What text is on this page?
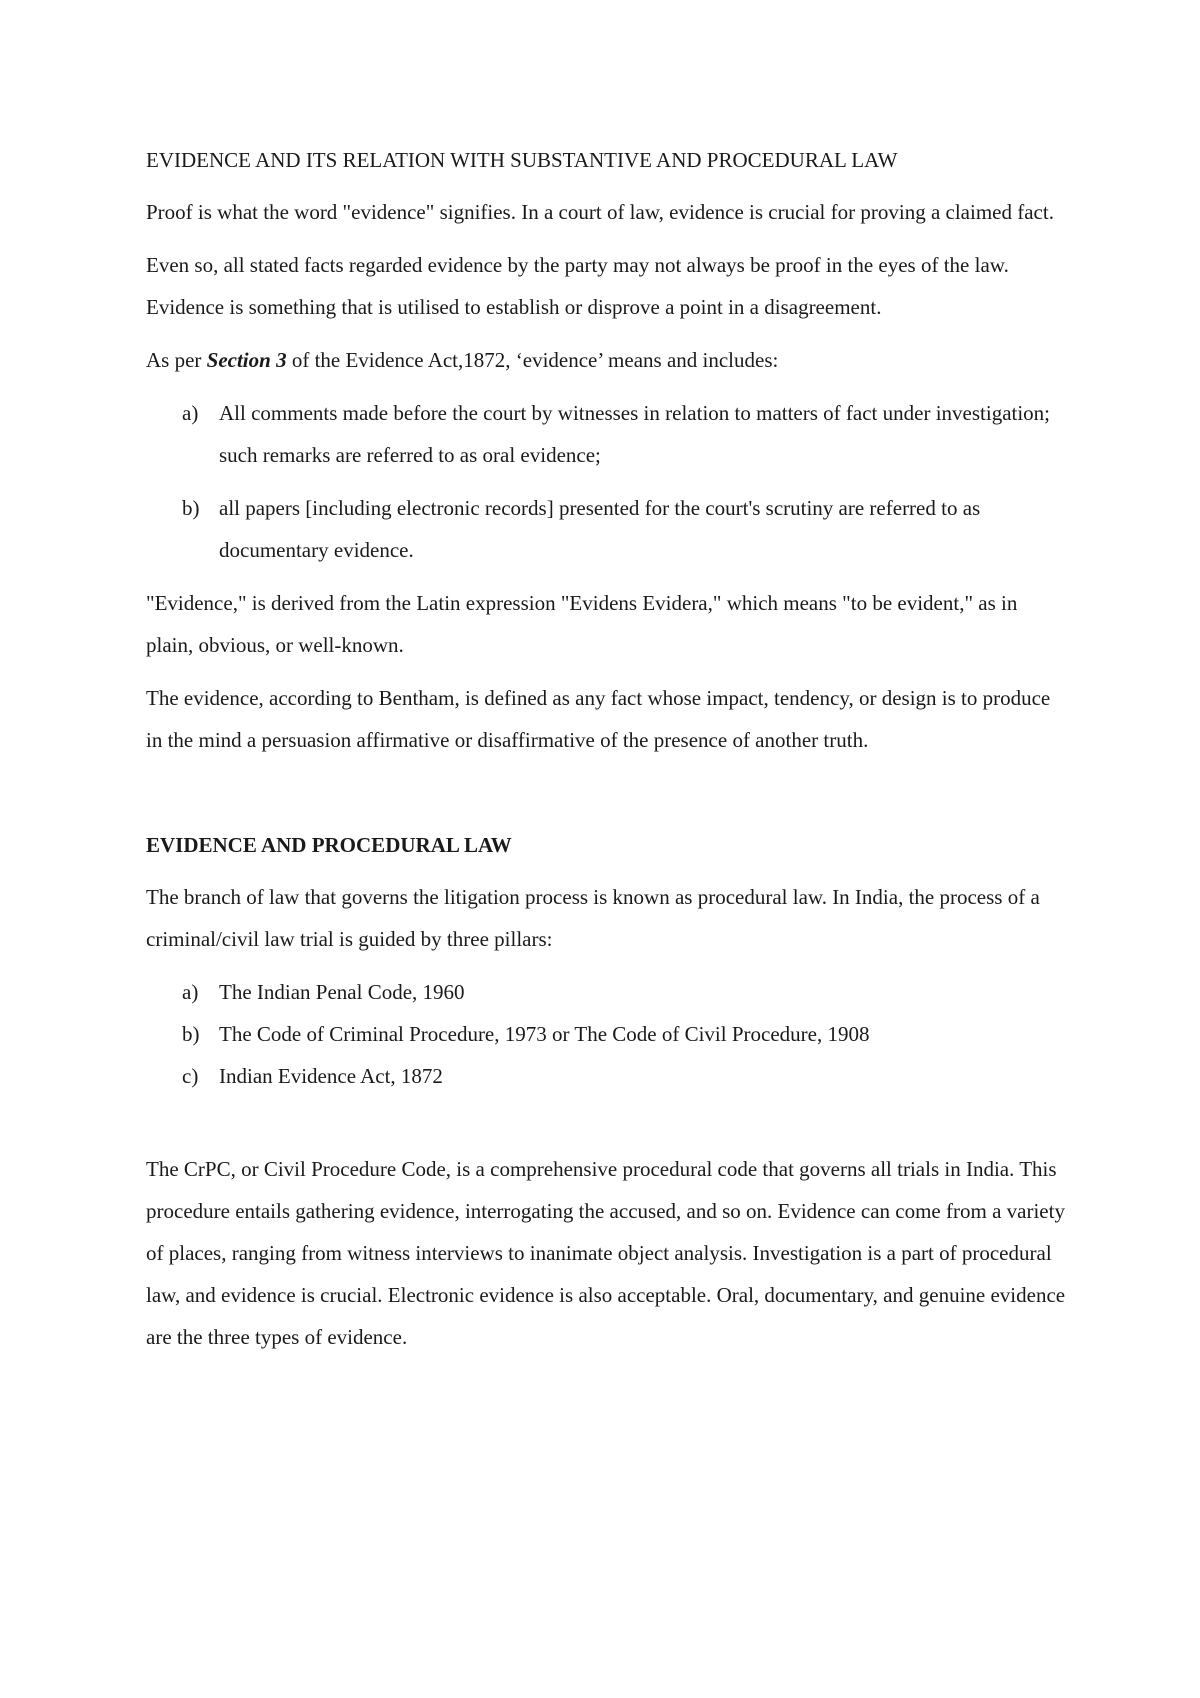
EVIDENCE AND ITS RELATION WITH SUBSTANTIVE AND PROCEDURAL LAW

Proof is what the word "evidence" signifies. In a court of law, evidence is crucial for proving a claimed fact.

Even so, all stated facts regarded evidence by the party may not always be proof in the eyes of the law. Evidence is something that is utilised to establish or disprove a point in a disagreement.

As per Section 3 of the Evidence Act,1872, ‘evidence’ means and includes:

a) All comments made before the court by witnesses in relation to matters of fact under investigation; such remarks are referred to as oral evidence;
b) all papers [including electronic records] presented for the court's scrutiny are referred to as documentary evidence.

"Evidence," is derived from the Latin expression "Evidens Evidera," which means "to be evident," as in plain, obvious, or well-known.

The evidence, according to Bentham, is defined as any fact whose impact, tendency, or design is to produce in the mind a persuasion affirmative or disaffirmative of the presence of another truth.

EVIDENCE AND PROCEDURAL LAW

The branch of law that governs the litigation process is known as procedural law. In India, the process of a criminal/civil law trial is guided by three pillars:

a) The Indian Penal Code, 1960
b) The Code of Criminal Procedure, 1973 or The Code of Civil Procedure, 1908
c) Indian Evidence Act, 1872

The CrPC, or Civil Procedure Code, is a comprehensive procedural code that governs all trials in India. This procedure entails gathering evidence, interrogating the accused, and so on. Evidence can come from a variety of places, ranging from witness interviews to inanimate object analysis. Investigation is a part of procedural law, and evidence is crucial. Electronic evidence is also acceptable. Oral, documentary, and genuine evidence are the three types of evidence.
